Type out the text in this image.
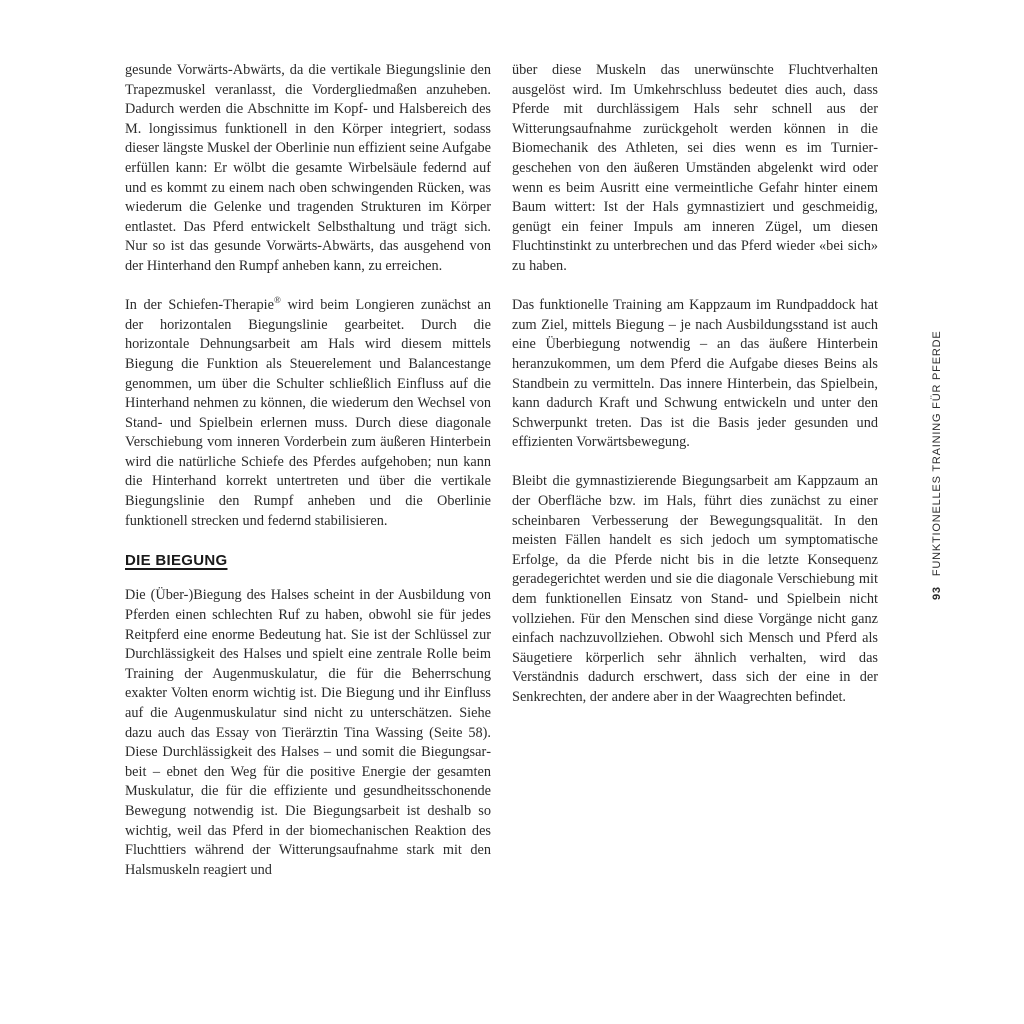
gesunde Vorwärts-Abwärts, da die vertikale Biegungslinie den Trapezmuskel veranlasst, die Vordergliedmaßen anzuheben. Dadurch werden die Abschnitte im Kopf- und Halsbereich des M. longissimus funktionell in den Körper integriert, sodass dieser längste Muskel der Oberlinie nun effizient seine Aufgabe erfüllen kann: Er wölbt die gesamte Wirbelsäule federnd auf und es kommt zu einem nach oben schwingenden Rücken, was wiederum die Gelenke und tragenden Strukturen im Körper entlastet. Das Pferd entwickelt Selbsthaltung und trägt sich. Nur so ist das gesunde Vorwärts-Abwärts, das ausgehend von der Hinterhand den Rumpf anheben kann, zu erreichen.

In der Schiefen-Therapie® wird beim Longieren zunächst an der horizontalen Biegungslinie gearbeitet. Durch die horizontale Dehnungsarbeit am Hals wird diesem mittels Biegung die Funktion als Steuerelement und Balancestange genommen, um über die Schulter schließlich Einfluss auf die Hinterhand nehmen zu können, die wiederum den Wechsel von Stand- und Spielbein erlernen muss. Durch diese diagonale Verschiebung vom inneren Vorderbein zum äußeren Hinterbein wird die natürliche Schiefe des Pferdes aufgehoben; nun kann die Hinterhand korrekt untertreten und über die vertikale Biegungslinie den Rumpf anheben und die Oberlinie funktionell strecken und federnd stabilisieren.

DIE BIEGUNG

Die (Über-)Biegung des Halses scheint in der Ausbildung von Pferden einen schlechten Ruf zu haben, obwohl sie für jedes Reitpferd eine enorme Bedeutung hat. Sie ist der Schlüssel zur Durchlässigkeit des Halses und spielt eine zentrale Rolle beim Training der Augenmuskulatur, die für die Beherrschung exakter Volten enorm wichtig ist. Die Biegung und ihr Einfluss auf die Augenmuskulatur sind nicht zu unterschätzen. Siehe dazu auch das Essay von Tierärztin Tina Wassing (Seite 58). Diese Durchlässigkeit des Halses – und somit die Biegungsarbeit – ebnet den Weg für die positive Energie der gesamten Muskulatur, die für die effiziente und gesundheitsschonende Bewegung notwendig ist. Die Biegungsarbeit ist deshalb so wichtig, weil das Pferd in der biomechanischen Reaktion des Fluchttiers während der Witterungsaufnahme stark mit den Halsmuskeln reagiert und

über diese Muskeln das unerwünschte Fluchtverhalten ausgelöst wird. Im Umkehrschluss bedeutet dies auch, dass Pferde mit durchlässigem Hals sehr schnell aus der Witterungsaufnahme zurückgeholt werden können in die Biomechanik des Athleten, sei dies wenn es im Turniergeschehen von den äußeren Umständen abgelenkt wird oder wenn es beim Ausritt eine vermeintliche Gefahr hinter einem Baum wittert: Ist der Hals gymnastiziert und geschmeidig, genügt ein feiner Impuls am inneren Zügel, um diesen Fluchtinstinkt zu unterbrechen und das Pferd wieder «bei sich» zu haben.

Das funktionelle Training am Kappzaum im Rundpaddock hat zum Ziel, mittels Biegung – je nach Ausbildungsstand ist auch eine Überbiegung notwendig – an das äußere Hinterbein heranzukommen, um dem Pferd die Aufgabe dieses Beins als Standbein zu vermitteln. Das innere Hinterbein, das Spielbein, kann dadurch Kraft und Schwung entwickeln und unter den Schwerpunkt treten. Das ist die Basis jeder gesunden und effizienten Vorwärtsbewegung.

Bleibt die gymnastizierende Biegungsarbeit am Kappzaum an der Oberfläche bzw. im Hals, führt dies zunächst zu einer scheinbaren Verbesserung der Bewegungsqualität. In den meisten Fällen handelt es sich jedoch um symptomatische Erfolge, da die Pferde nicht bis in die letzte Konsequenz geradegerichtet werden und sie die diagonale Verschiebung mit dem funktionellen Einsatz von Stand- und Spielbein nicht vollziehen. Für den Menschen sind diese Vorgänge nicht ganz einfach nachzuvollziehen. Obwohl sich Mensch und Pferd als Säugetiere körperlich sehr ähnlich verhalten, wird das Verständnis dadurch erschwert, dass sich der eine in der Senkrechten, der andere aber in der Waagrechten befindet.

93FUNKTIONELLES TRAINING FÜR PFERDE
